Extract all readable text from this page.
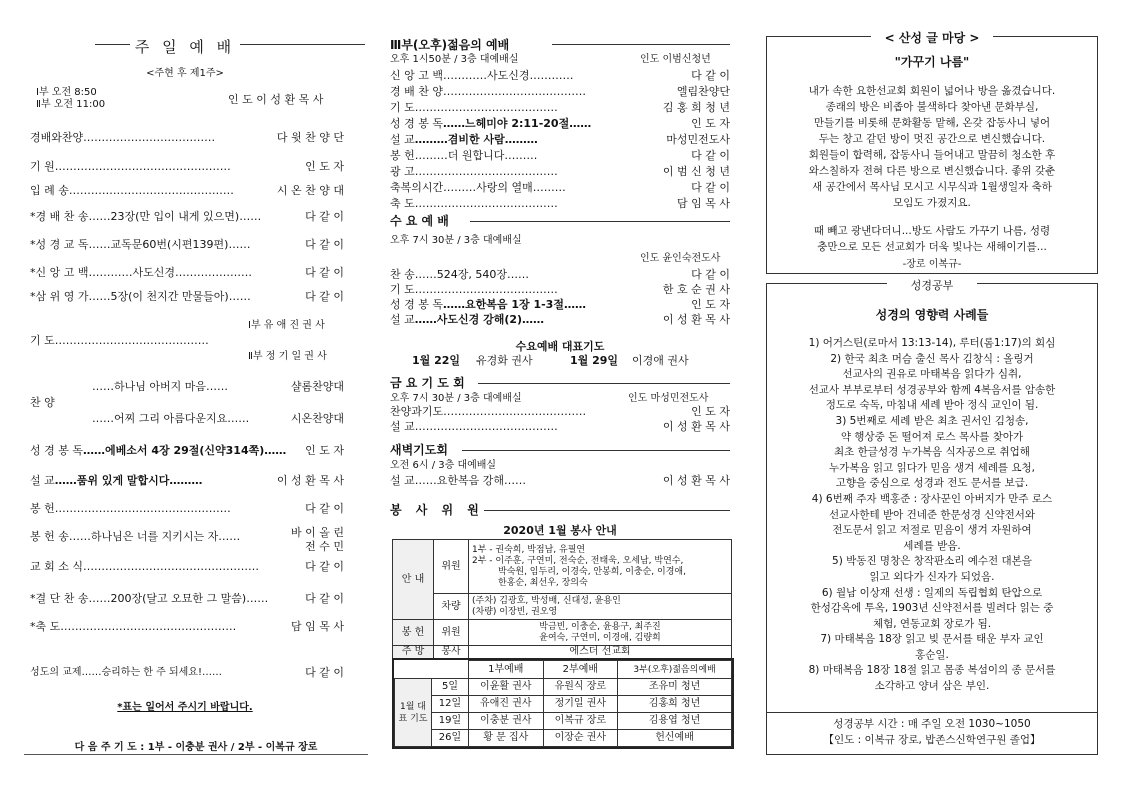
주 일 예 배
<주현 후 제1주>
Ⅰ부 오전 8:50
Ⅱ부 오전 11:00	인 도 이 성 환 목 사
경배와찬양………………………………	다 윗 찬 양 단
기 원…………………………………………	인 도 자
입 례 송………………………………………	시 온 찬 양 대
*경 배 찬 송……23장(만 입이 내게 있으면)……	다 같 이
*성 경 교 독……교독문60번(시편139편)……	다 같 이
*신 앙 고 백…………사도신경…………………	다 같 이
*삼 위 영 가……5장(이 천지간 만물들아)……	다 같 이
Ⅰ부 유 애 진 권 사
기 도……………………………………
Ⅱ부 정 기 일 권 사
……하나님 아버지 마음……	샬롬찬양대
찬 양
……어찌 그리 아름다운지요……	시온찬양대
성 경 봉 독……에베소서 4장 29절(신약314쪽)…… 인 도 자
설 교……품위 있게 말합시다………	이 성 환 목 사
봉 헌…………………………………………	다 같 이
봉 헌 송……하나님은 너를 지키시는 자……	바 이 올 린
전 수 민
교 회 소 식…………………………………………	다 같 이
*결 단 찬 송……200장(달고 오묘한 그 말씀)……	다 같 이
*축 도…………………………………………	담 임 목 사
성도의 교제……승리하는 한 주 되세요!……	다 같 이
*표는 일어서 주시기 바랍니다.
다 음 주 기 도 : 1부 - 이충분 권사 / 2부 - 이복규 장로
Ⅲ부(오후)젊음의 예배
오후 1시50분 / 3층 대예배실	인도 이범신청년
신 앙 고 백…………사도신경…………	다 같 이
경 배 찬 양…………………………………	엘림찬양단
기 도…………………………………	김 홍 희 청 년
성 경 봉 독……느헤미야 2:11-20절……	인 도 자
설 교………겸비한 사람………	마성민전도사
봉 헌………더 원합니다………	다 같 이
광 고…………………………………	이 범 신 청 년
축복의시간………사랑의 열매………	다 같 이
축 도…………………………………	담 임 목 사
수 요 예 배
오후 7시 30분 / 3층 대예배실
인도 윤인숙전도사
찬 송……524장, 540장……	다 같 이
기 도…………………………………	한 호 순 권 사
성 경 봉 독……요한복음 1장 1-3절……	인 도 자
설 교……사도신경 강해(2)……	이 성 환 목 사
수요예배 대표기도
1월 22일 유경화 권사	1월 29일 이경애 권사
금 요 기 도 회
오후 7시 30분 / 3층 대예배실	인도 마성민전도사
찬양과기도…………………………………	인 도 자
설 교…………………………………	이 성 환 목 사
새벽기도회
오전 6시 / 3층 대예배실
설 교……요한복음 강해……	이 성 환 목 사
봉 사 위 원
2020년 1월 봉사 안내
안 내	위원	1부 - 권숙희, 박점남, 유필연
2부 - 이주훈, 구연미, 전숙순, 전태욱, 오세남, 박연수,
박숙원, 임두리, 이경숙, 안봉희, 이충순, 이경애,
한홍순, 최선우, 장의숙

	차량	(주차) 김광호, 박성배, 신대성, 윤용인
(차량) 이장빈, 권오영

봉 헌	위원	박금빈, 이충순, 윤용구, 최주진
윤여숙, 구연미, 이경애, 김량희

주 방	봉사	에스더 선교회
		1부예배	2부예배	3부(오후)젊음의예배
1월 대표 기도	5일	이윤활 권사	유원식 장로	조유미 청년
	12일	유애진 권사	정기일 권사	김홍희 청년
	19일	이충분 권사	이복규 장로	김용엽 청년
	26일	황 문 집사	이장순 권사	헌신예배
< 산성 글 마당 >
"가꾸기 나름"
내가 속한 요한선교회 회원이 넓어나 방을 옮겼습니다.
종래의 방은 비좁아 불색하다 찾아낸 문화부실,
만들기를 비롯해 문화활동 맡해, 온갖 잡동사니 넣어
두는 창고 같던 방이 멋진 공간으로 변신했습니다.
회원들이 합력해, 잡동사니 들어내고 말끔히 청소한 후
와스칠하자 전혀 다른 방으로 변신했습니다. 좋위 갖춘
새 공간에서 목사님 모시고 시무식과 1월생일자 축하
모임도 가졌지요.
때 빼고 광낸다더니...방도 사람도 가꾸기 나름, 성령
충만으로 모든 선교회가 더욱 빛나는 새해이기를...
-장로 이복규-
성경공부
성경의 영향력 사례들
1) 어거스틴(로마서 13:13-14), 루터(롬1:17)의 회심
2) 한국 최초 머슴 출신 목사 김창식 : 올링거
선교사의 권유로 마태복음 읽다가 심취,
선교사 부부로부터 성경공부와 함께 4복음서를 암송한
정도로 숙독, 마침내 세례 받아 정식 교인이 됨.
3) 5번째로 세례 받은 최초 권서인 김청송,
약 행상중 돈 떨어져 로스 목사를 찾아가
최초 한글성경 누가복음 식자공으로 취업해
누가복음 읽고 읽다가 믿음 생겨 세례를 요청,
고향을 중심으로 성경과 전도 문서를 보급.
4) 6번째 주자 백홍준 : 장사꾼인 아버지가 만주 로스
선교사한테 받아 건네준 한문성경 신약전서와
전도문서 읽고 저절로 믿음이 생겨 자원하여
세례를 받음.
5) 박동진 명창은 창작판소리 예수전 대본을
읽고 외다가 신자가 되었음.
6) 월남 이상재 선생 : 일제의 독립협회 탄압으로
한성감옥에 투옥, 1903년 신약전서를 빌려다 읽는 중
체험, 연동교회 장로가 됨.
7) 마태복음 18장 읽고 빚 문서를 태운 부자 교인
홍순일.
8) 마태복음 18장 18절 읽고 몸종 복섬이의 종 문서를
소각하고 양녀 삼은 부인.
성경공부 시간 : 매 주일 오전 1030~1050
【인도 : 이복규 장로, 밥존스신학연구원 졸업】
